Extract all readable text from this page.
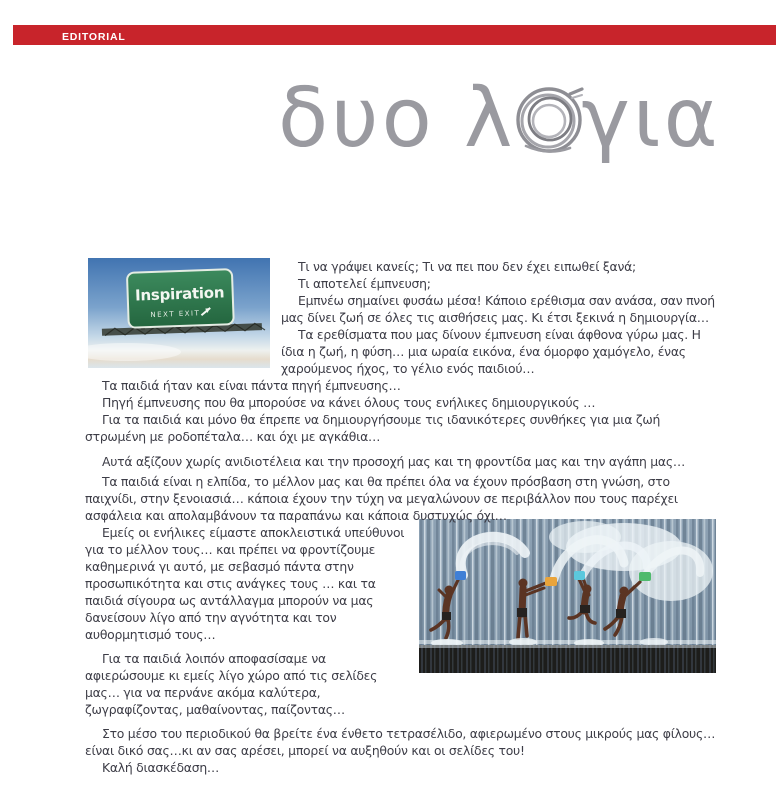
EDITORIAL
δυο λ για
Inspiration
NEXT EXIT

Τι να γράψει κανείς; Τι να πει που δεν έχει ειπωθεί ξανά;

Τι αποτελεί έμπνευση;

Εμπνέω σημαίνει φυσάω μέσα! Κάποιο ερέθισμα σαν ανάσα, σαν πνοή μας δίνει ζωή σε όλες τις αισθήσεις μας. Κι έτσι ξεκινά η δημιουργία…

Τα ερεθίσματα που μας δίνουν έμπνευση είναι άφθονα γύρω μας. Η ίδια η ζωή, η φύση… μια ωραία εικόνα, ένα όμορφο χαμόγελο, ένας χαρούμενος ήχος, το γέλιο ενός παιδιού…

Τα παιδιά ήταν και είναι πάντα πηγή έμπνευσης…

Πηγή έμπνευσης που θα μπορούσε να κάνει όλους τους ενήλικες δημιουργικούς …

Για τα παιδιά και μόνο θα έπρεπε να δημιουργήσουμε τις ιδανικότερες συνθήκες για μια ζωή στρωμένη με ροδοπέταλα… και όχι με αγκάθια…

Αυτά αξίζουν χωρίς ανιδιοτέλεια και την προσοχή μας και τη φροντίδα μας και την αγάπη μας…

Τα παιδιά είναι η ελπίδα, το μέλλον μας και θα πρέπει όλα να έχουν πρόσβαση στη γνώση, στο παιχνίδι, στην ξενοιασιά… κάποια έχουν την τύχη να μεγαλώνουν σε περιβάλλον που τους παρέχει ασφάλεια και απολαμβάνουν τα παραπάνω και κάποια δυστυχώς όχι…

Εμείς οι ενήλικες είμαστε αποκλειστικά υπεύθυνοι για το μέλλον τους… και πρέπει να φροντίζουμε καθημερινά γι αυτό, με σεβασμό πάντα στην προσωπικότητα και στις ανάγκες τους … και τα παιδιά σίγουρα ως αντάλλαγμα μπορούν να μας δανείσουν λίγο από την αγνότητα και τον αυθορμητισμό τους…

Για τα παιδιά λοιπόν αποφασίσαμε να αφιερώσουμε κι εμείς λίγο χώρο από τις σελίδες μας… για να περνάνε ακόμα καλύτερα, ζωγραφίζοντας, μαθαίνοντας, παίζοντας…

Στο μέσο του περιοδικού θα βρείτε ένα ένθετο τετρασέλιδο, αφιερωμένο στους μικρούς μας φίλους…είναι δικό σας…κι αν σας αρέσει, μπορεί να αυξηθούν και οι σελίδες του!

Καλή διασκέδαση…
